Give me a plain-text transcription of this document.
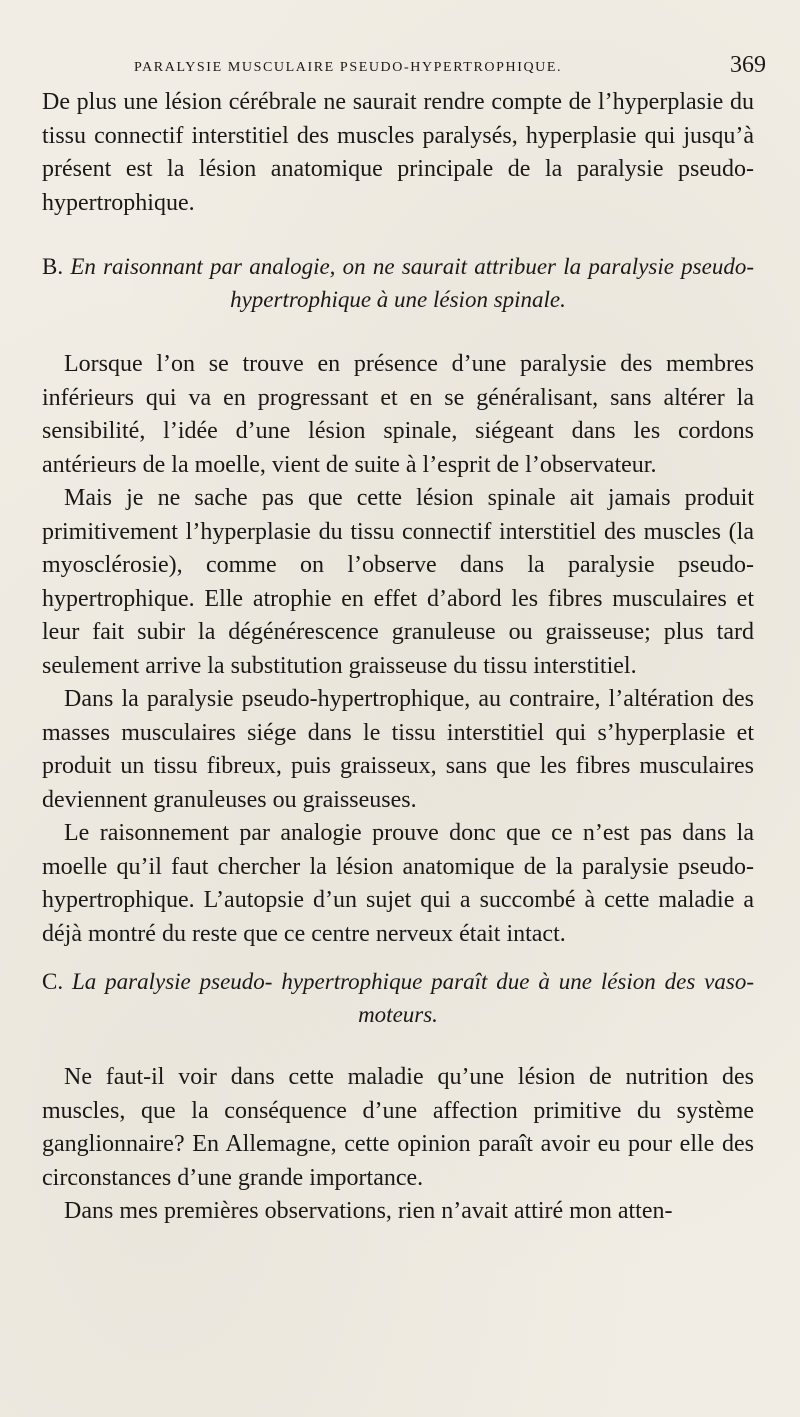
PARALYSIE MUSCULAIRE PSEUDO-HYPERTROPHIQUE.	369

De plus une lésion cérébrale ne saurait rendre compte de l’hyperplasie du tissu connectif interstitiel des muscles paralysés, hyperplasie qui jusqu’à présent est la lésion anatomique principale de la paralysie pseudo-hypertrophique.

B. En raisonnant par analogie, on ne saurait attribuer la paralysie pseudo-hypertrophique à une lésion spinale.

Lorsque l’on se trouve en présence d’une paralysie des membres inférieurs qui va en progressant et en se généralisant, sans altérer la sensibilité, l’idée d’une lésion spinale, siégeant dans les cordons antérieurs de la moelle, vient de suite à l’esprit de l’observateur.

Mais je ne sache pas que cette lésion spinale ait jamais produit primitivement l’hyperplasie du tissu connectif interstitiel des muscles (la myosclérosie), comme on l’observe dans la paralysie pseudo-hypertrophique. Elle atrophie en effet d’abord les fibres musculaires et leur fait subir la dégénérescence granuleuse ou graisseuse; plus tard seulement arrive la substitution graisseuse du tissu interstitiel.

Dans la paralysie pseudo-hypertrophique, au contraire, l’altération des masses musculaires siége dans le tissu interstitiel qui s’hyperplasie et produit un tissu fibreux, puis graisseux, sans que les fibres musculaires deviennent granuleuses ou graisseuses.

Le raisonnement par analogie prouve donc que ce n’est pas dans la moelle qu’il faut chercher la lésion anatomique de la paralysie pseudo-hypertrophique. L’autopsie d’un sujet qui a succombé à cette maladie a déjà montré du reste que ce centre nerveux était intact.

C. La paralysie pseudo- hypertrophique paraît due à une lésion des vaso-moteurs.

Ne faut-il voir dans cette maladie qu’une lésion de nutrition des muscles, que la conséquence d’une affection primitive du système ganglionnaire? En Allemagne, cette opinion paraît avoir eu pour elle des circonstances d’une grande importance.

Dans mes premières observations, rien n’avait attiré mon atten-
